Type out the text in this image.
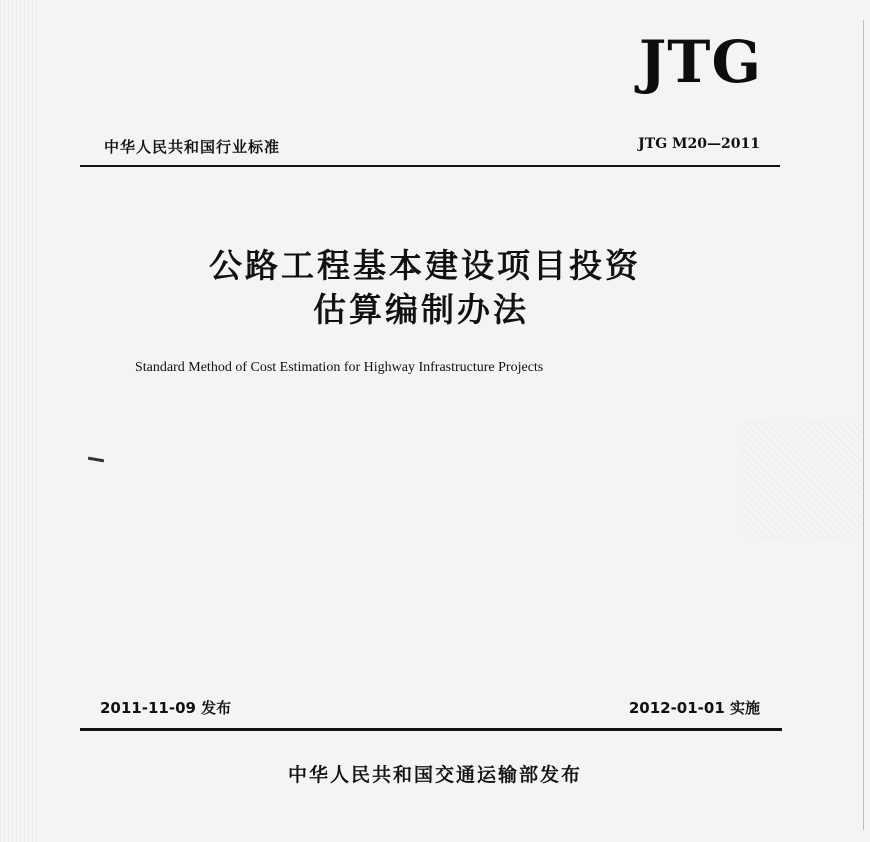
JTG
中华人民共和国行业标准	JTG M20—2011
公路工程基本建设项目投资
估算编制办法
Standard Method of Cost Estimation for Highway Infrastructure Projects
2011-11-09 发布	2012-01-01 实施
中华人民共和国交通运输部发布
